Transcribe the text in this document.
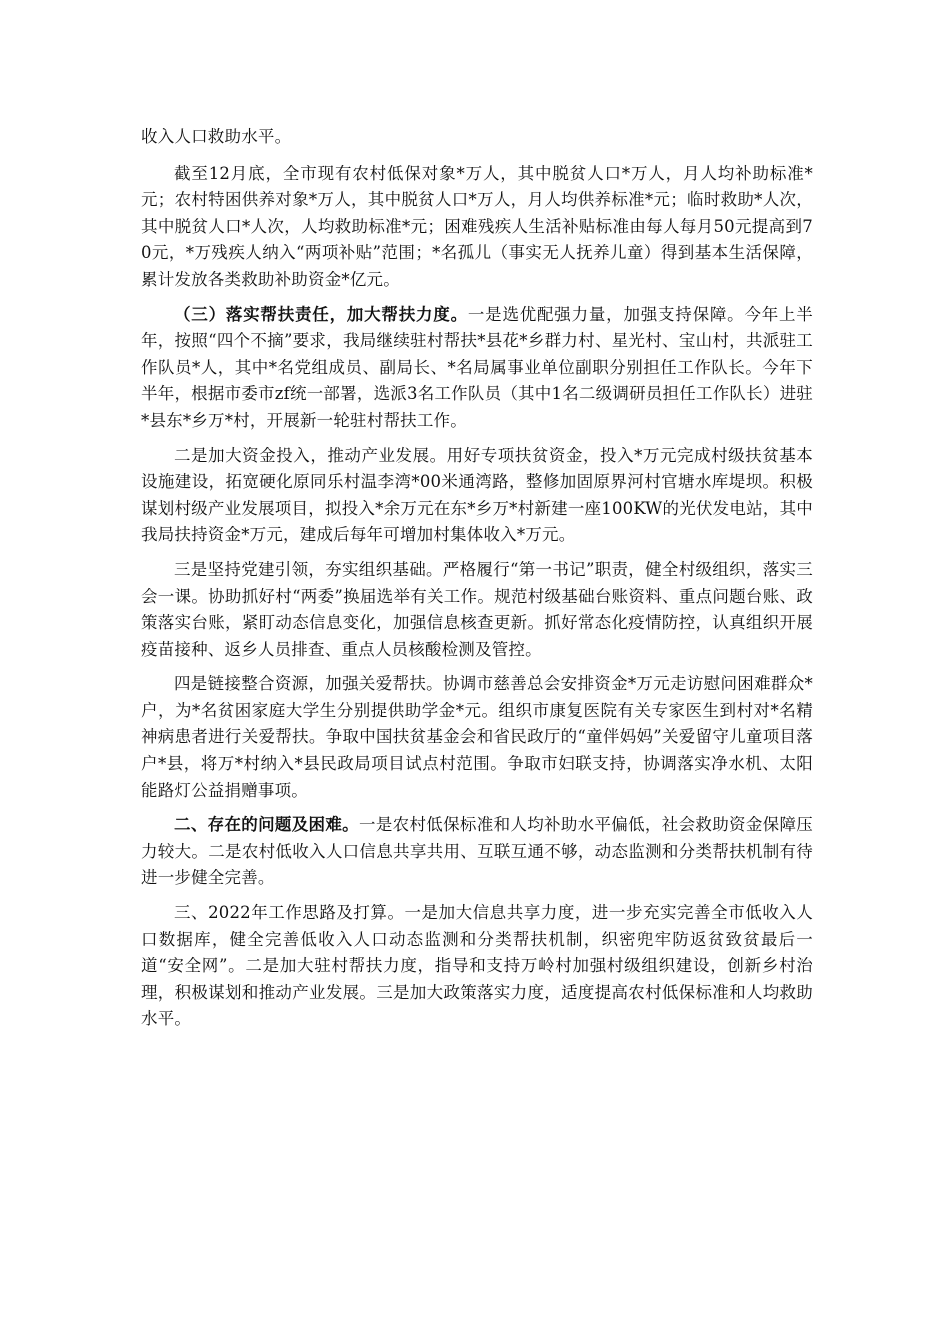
收入人口救助水平。

截至12月底，全市现有农村低保对象*万人，其中脱贫人口*万人，月人均补助标准*元；农村特困供养对象*万人，其中脱贫人口*万人，月人均供养标准*元；临时救助*人次，其中脱贫人口*人次，人均救助标准*元；困难残疾人生活补贴标准由每人每月50元提高到70元，*万残疾人纳入“两项补贴”范围；*名孤儿（事实无人抚养儿童）得到基本生活保障，累计发放各类救助补助资金*亿元。

（三）落实帮扶责任，加大帮扶力度。一是选优配强力量，加强支持保障。今年上半年，按照“四个不摘”要求，我局继续驻村帮扶*县花*乡群力村、星光村、宝山村，共派驻工作队员*人，其中*名党组成员、副局长、*名局属事业单位副职分别担任工作队长。今年下半年，根据市委市zf统一部署，选派3名工作队员（其中1名二级调研员担任工作队长）进驻*县东*乡万*村，开展新一轮驻村帮扶工作。

二是加大资金投入，推动产业发展。用好专项扶贫资金，投入*万元完成村级扶贫基本设施建设，拓宽硬化原同乐村温李湾*00米通湾路，整修加固原界河村官塘水库堤坝。积极谋划村级产业发展项目，拟投入*余万元在东*乡万*村新建一座100KW的光伏发电站，其中我局扶持资金*万元，建成后每年可增加村集体收入*万元。

三是坚持党建引领，夯实组织基础。严格履行“第一书记”职责，健全村级组织，落实三会一课。协助抓好村“两委”换届选举有关工作。规范村级基础台账资料、重点问题台账、政策落实台账，紧盯动态信息变化，加强信息核查更新。抓好常态化疫情防控，认真组织开展疫苗接种、返乡人员排查、重点人员核酸检测及管控。

四是链接整合资源，加强关爱帮扶。协调市慈善总会安排资金*万元走访慰问困难群众*户，为*名贫困家庭大学生分别提供助学金*元。组织市康复医院有关专家医生到村对*名精神病患者进行关爱帮扶。争取中国扶贫基金会和省民政厅的“童伴妈妈”关爱留守儿童项目落户*县，将万*村纳入*县民政局项目试点村范围。争取市妇联支持，协调落实净水机、太阳能路灯公益捐赠事项。

二、存在的问题及困难。一是农村低保标准和人均补助水平偏低，社会救助资金保障压力较大。二是农村低收入人口信息共享共用、互联互通不够，动态监测和分类帮扶机制有待进一步健全完善。

三、2022年工作思路及打算。一是加大信息共享力度，进一步充实完善全市低收入人口数据库，健全完善低收入人口动态监测和分类帮扶机制，织密兜牢防返贫致贫最后一道“安全网”。二是加大驻村帮扶力度，指导和支持万岭村加强村级组织建设，创新乡村治理，积极谋划和推动产业发展。三是加大政策落实力度，适度提高农村低保标准和人均救助水平。
